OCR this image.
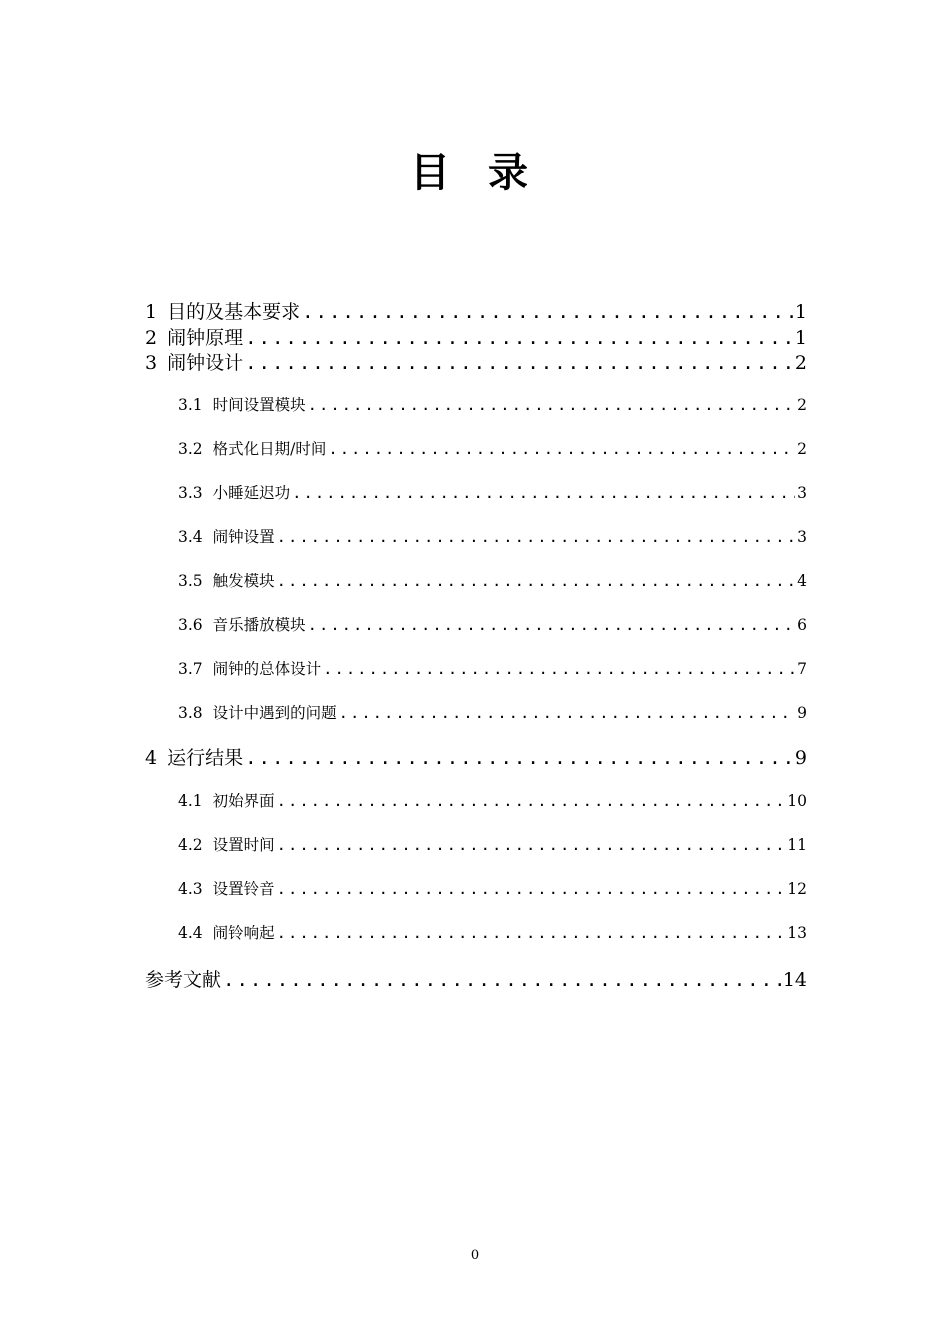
目 录
1 目的及基本要求 .....	1
2 闹钟原理 .....	1
3 闹钟设计 .....	2
3.1 时间设置模块 .....	2
3.2 格式化日期/时间 .....	2
3.3 小睡延迟功 .....	3
3.4 闹钟设置 .....	3
3.5 触发模块 .....	4
3.6 音乐播放模块 .....	6
3.7 闹钟的总体设计 .....	7
3.8 设计中遇到的问题 .....	9
4 运行结果 .....	9
4.1 初始界面 .....	10
4.2 设置时间 .....	11
4.3 设置铃音 .....	12
4.4 闹铃响起 .....	13
参考文献 .....	14
0
